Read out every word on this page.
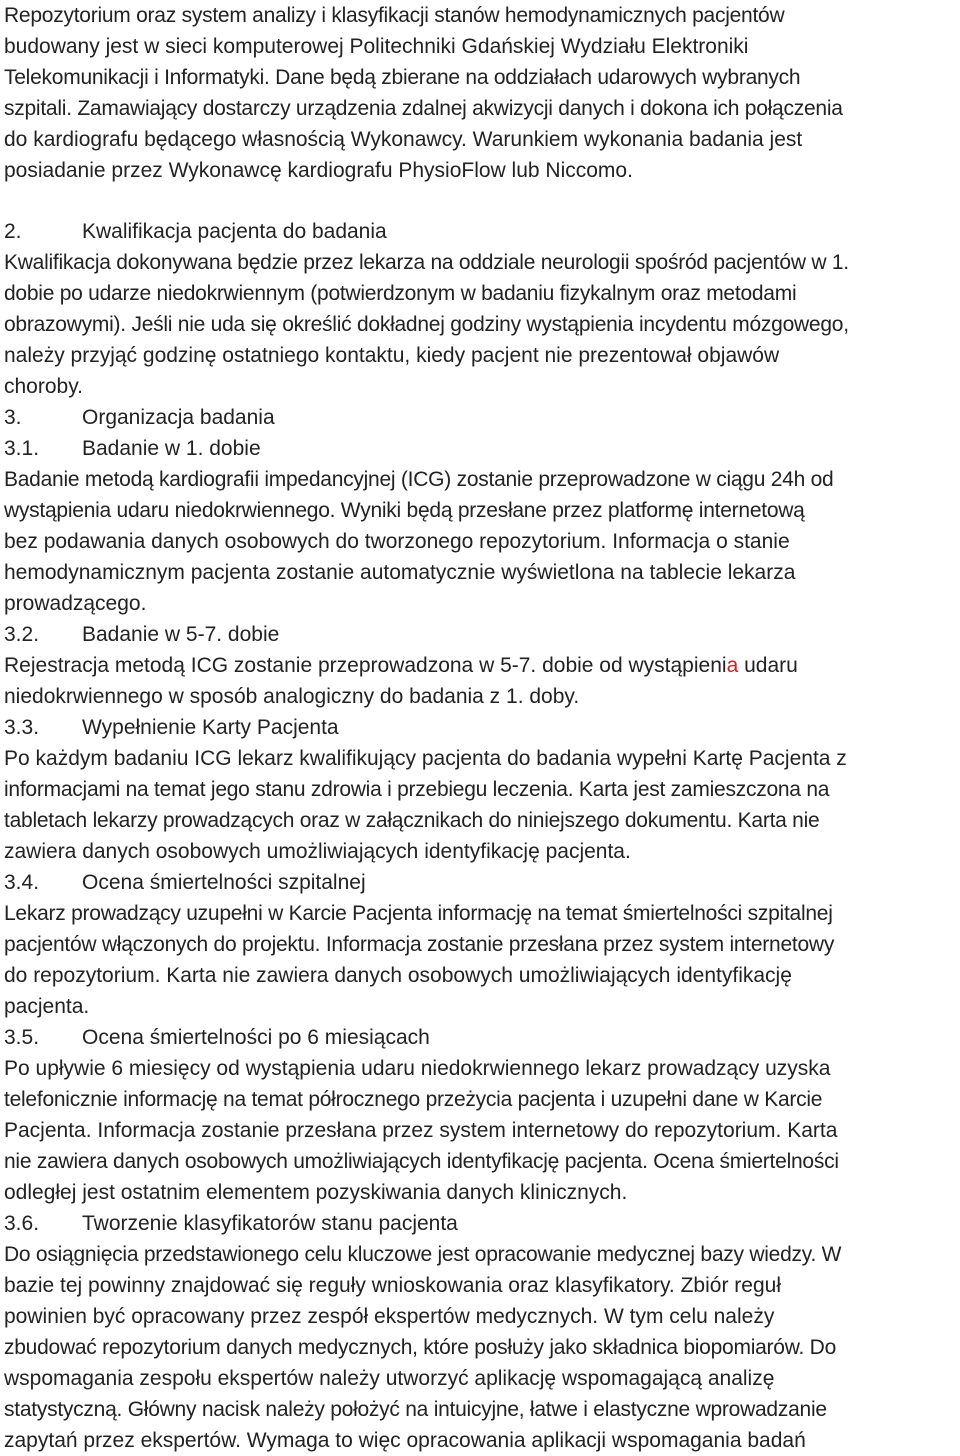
Repozytorium oraz system analizy i klasyfikacji stanów hemodynamicznych pacjentów
budowany jest w sieci komputerowej Politechniki Gdańskiej Wydziału Elektroniki
Telekomunikacji i Informatyki. Dane będą zbierane na oddziałach udarowych wybranych
szpitali. Zamawiający dostarczy urządzenia zdalnej akwizycji danych i dokona ich połączenia
do kardiografu będącego własnością Wykonawcy. Warunkiem wykonania badania jest
posiadanie przez Wykonawcę kardiografu PhysioFlow lub Niccomo.
2.	Kwalifikacja pacjenta do badania
Kwalifikacja dokonywana będzie przez lekarza na oddziale neurologii spośród pacjentów w 1.
dobie po udarze niedokrwiennym (potwierdzonym w badaniu fizykalnym oraz metodami
obrazowymi). Jeśli nie uda się określić dokładnej godziny wystąpienia incydentu mózgowego,
należy przyjąć godzinę ostatniego kontaktu, kiedy pacjent nie prezentował objawów
choroby.
3.	Organizacja badania
3.1. Badanie w 1. dobie
Badanie metodą kardiografii impedancyjnej (ICG) zostanie przeprowadzone w ciągu 24h od
wystąpienia udaru niedokrwiennego. Wyniki będą przesłane przez platformę internetową
bez podawania danych osobowych do tworzonego repozytorium. Informacja o stanie
hemodynamicznym pacjenta zostanie automatycznie wyświetlona na tablecie lekarza
prowadzącego.
3.2. Badanie w 5-7. dobie
Rejestracja metodą ICG zostanie przeprowadzona w 5-7. dobie od wystąpienia udaru
niedokrwiennego w sposób analogiczny do badania z 1. doby.
3.3. Wypełnienie Karty Pacjenta
Po każdym badaniu ICG lekarz kwalifikujący pacjenta do badania wypełni Kartę Pacjenta z
informacjami na temat jego stanu zdrowia i przebiegu leczenia. Karta jest zamieszczona na
tabletach lekarzy prowadzących oraz w załącznikach do niniejszego dokumentu. Karta nie
zawiera danych osobowych umożliwiających identyfikację pacjenta.
3.4. Ocena śmiertelności szpitalnej
Lekarz prowadzący uzupełni w Karcie Pacjenta informację na temat śmiertelności szpitalnej
pacjentów włączonych do projektu. Informacja zostanie przesłana przez system internetowy
do repozytorium. Karta nie zawiera danych osobowych umożliwiających identyfikację
pacjenta.
3.5. Ocena śmiertelności po 6 miesiącach
Po upływie 6 miesięcy od wystąpienia udaru niedokrwiennego lekarz prowadzący uzyska
telefonicznie informację na temat półrocznego przeżycia pacjenta i uzupełni dane w Karcie
Pacjenta. Informacja zostanie przesłana przez system internetowy do repozytorium. Karta
nie zawiera danych osobowych umożliwiających identyfikację pacjenta. Ocena śmiertelności
odległej jest ostatnim elementem pozyskiwania danych klinicznych.
3.6. Tworzenie klasyfikatorów stanu pacjenta
Do osiągnięcia przedstawionego celu kluczowe jest opracowanie medycznej bazy wiedzy. W
bazie tej powinny znajdować się reguły wnioskowania oraz klasyfikatory. Zbiór reguł
powinien być opracowany przez zespół ekspertów medycznych. W tym celu należy
zbudować repozytorium danych medycznych, które posłuży jako składnica biopomiarów. Do
wspomagania zespołu ekspertów należy utworzyć aplikację wspomagającą analizę
statystyczną. Główny nacisk należy położyć na intuicyjne, łatwe i elastyczne wprowadzanie
zapytań przez ekspertów. Wymaga to więc opracowania aplikacji wspomagania badań
